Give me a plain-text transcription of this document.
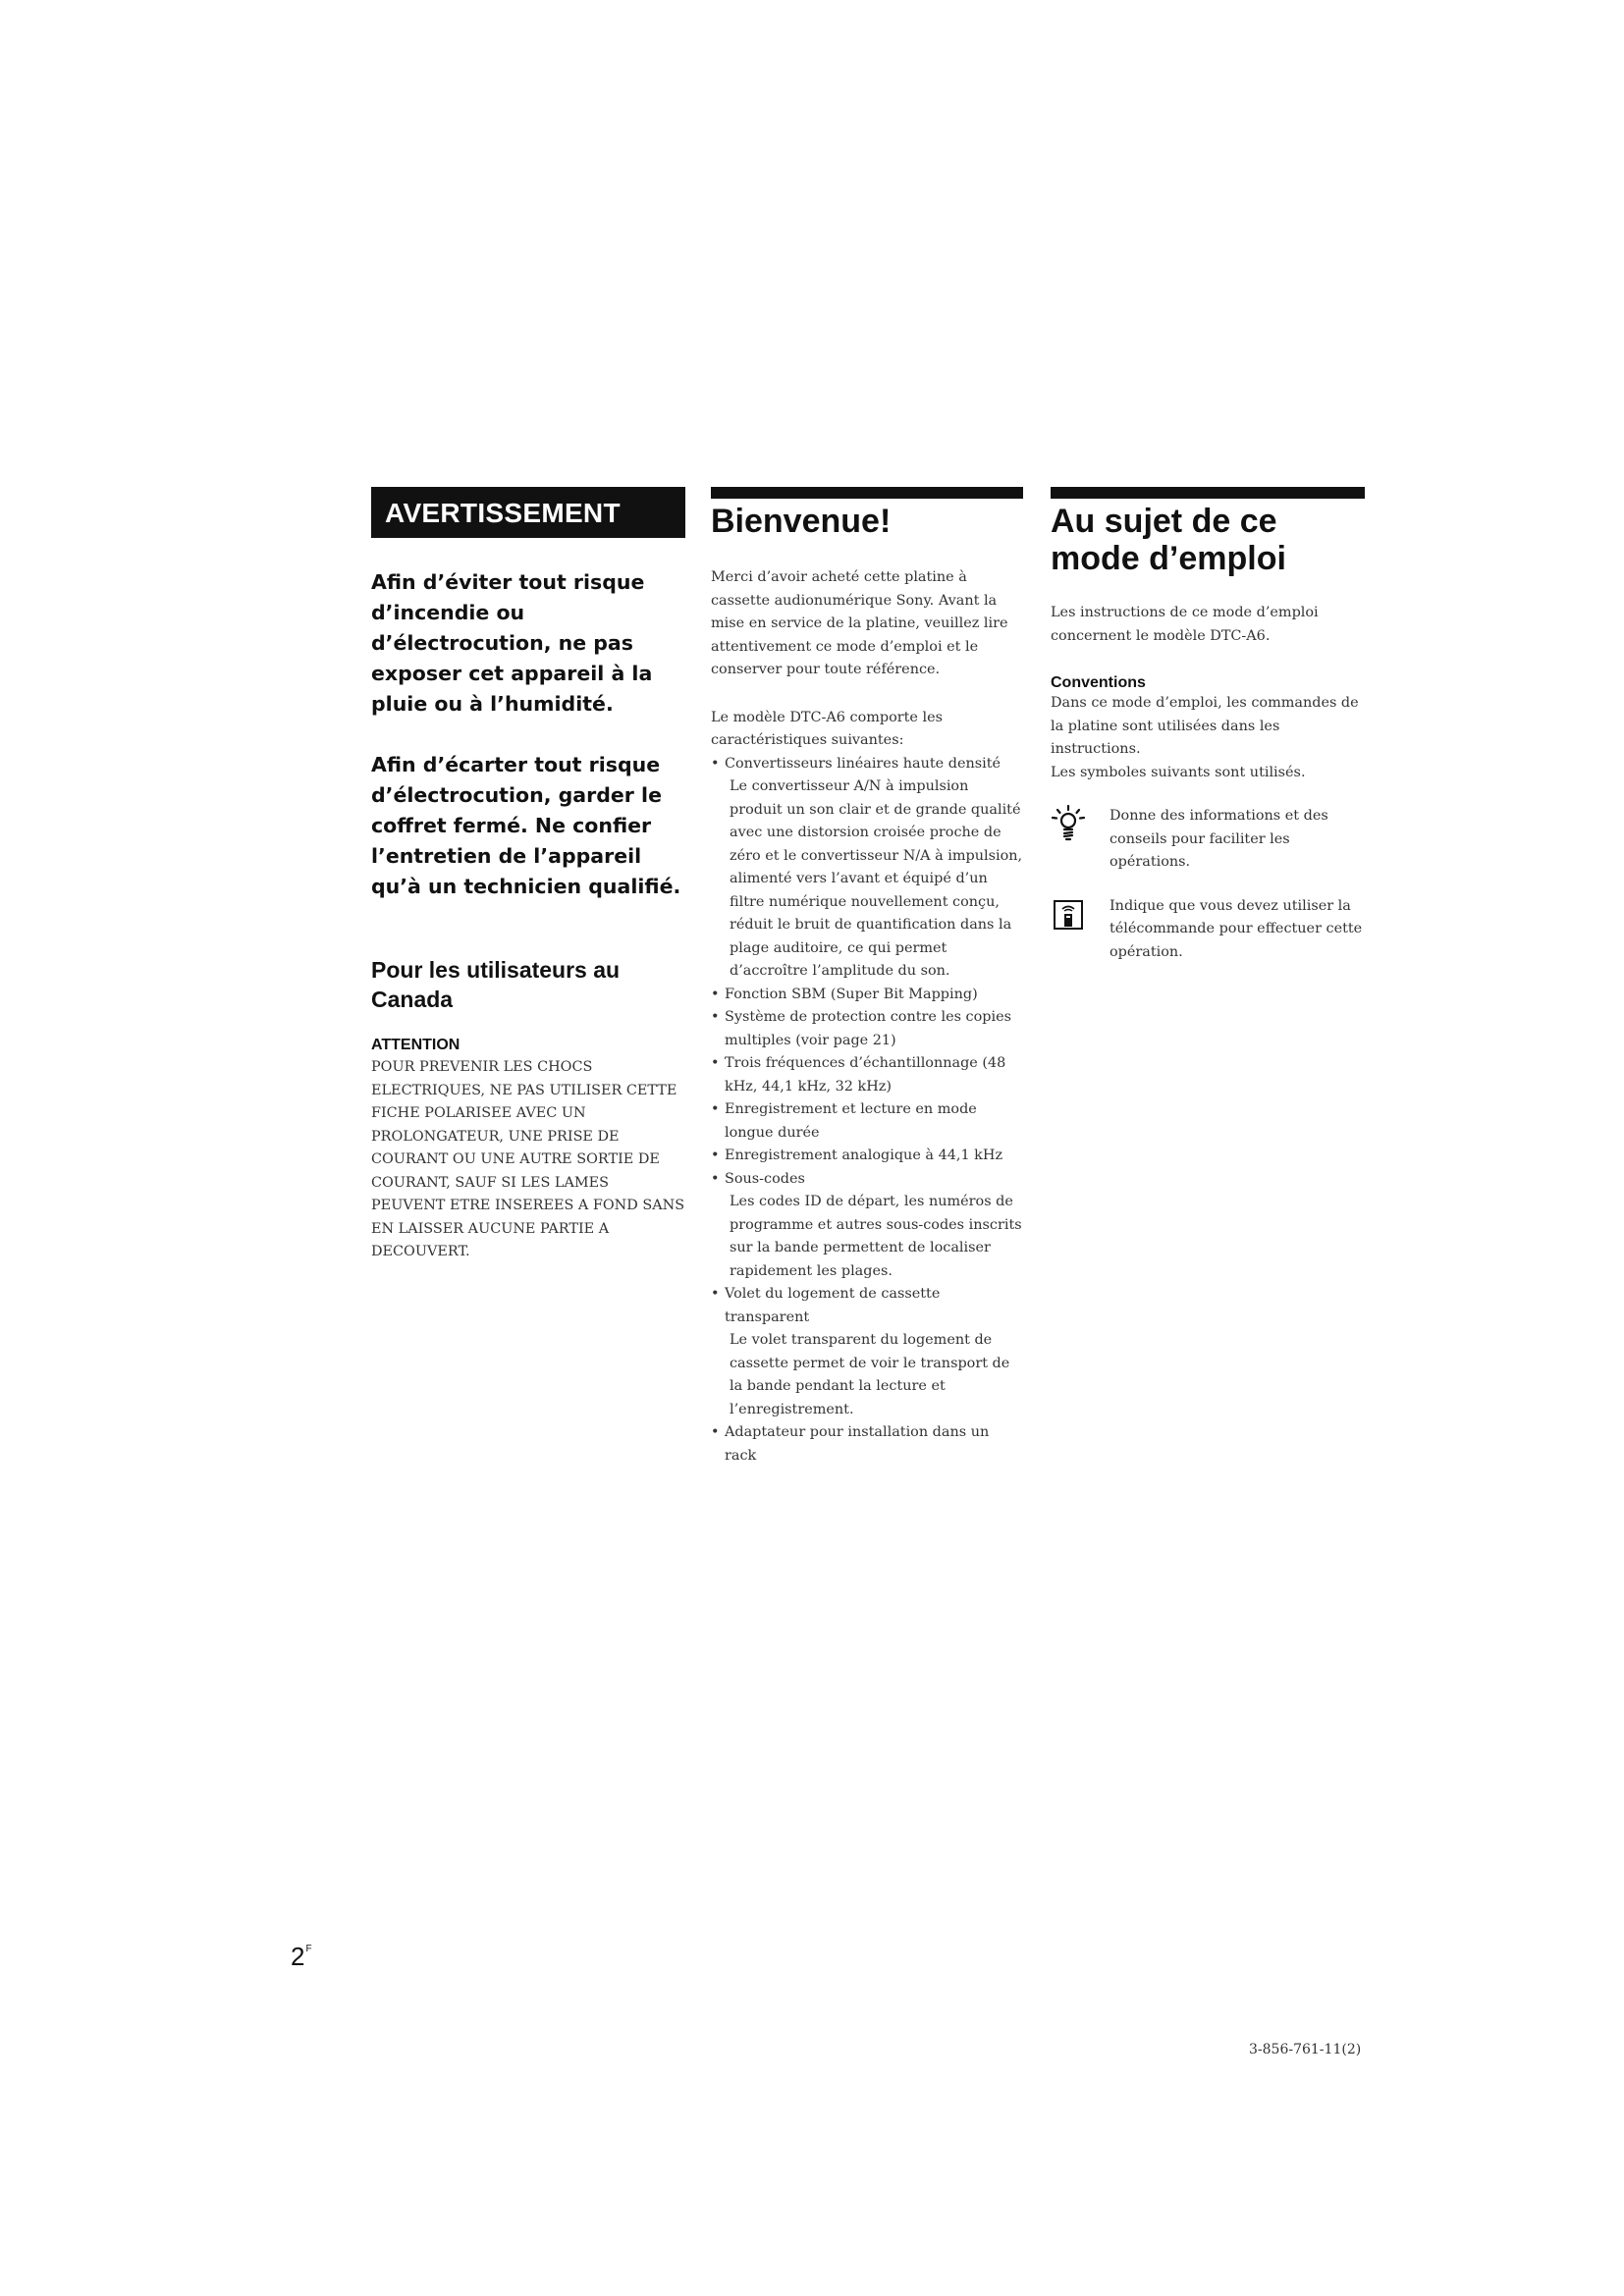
AVERTISSEMENT

Afin d’éviter tout risque d’incendie ou d’électrocution, ne pas exposer cet appareil à la pluie ou à l’humidité.

Afin d’écarter tout risque d’électrocution, garder le coffret fermé. Ne confier l’entretien de l’appareil qu’à un technicien qualifié.

Pour les utilisateurs au Canada
ATTENTION
POUR PREVENIR LES CHOCS ELECTRIQUES, NE PAS UTILISER CETTE FICHE POLARISEE AVEC UN PROLONGATEUR, UNE PRISE DE COURANT OU UNE AUTRE SORTIE DE COURANT, SAUF SI LES LAMES PEUVENT ETRE INSEREES A FOND SANS EN LAISSER AUCUNE PARTIE A DECOUVERT.
Bienvenue!

Merci d’avoir acheté cette platine à cassette audionumérique Sony. Avant la mise en service de la platine, veuillez lire attentivement ce mode d’emploi et le conserver pour toute référence.

Le modèle DTC-A6 comporte les caractéristiques suivantes:

• Convertisseurs linéaires haute densité
Le convertisseur A/N à impulsion produit un son clair et de grande qualité avec une distorsion croisée proche de zéro et le convertisseur N/A à impulsion, alimenté vers l’avant et équipé d’un filtre numérique nouvellement conçu, réduit le bruit de quantification dans la plage auditoire, ce qui permet d’accroître l’amplitude du son.
• Fonction SBM (Super Bit Mapping)
• Système de protection contre les copies multiples (voir page 21)
• Trois fréquences d’échantillonnage (48 kHz, 44,1 kHz, 32 kHz)
• Enregistrement et lecture en mode longue durée
• Enregistrement analogique à 44,1 kHz
• Sous-codes
Les codes ID de départ, les numéros de programme et autres sous-codes inscrits sur la bande permettent de localiser rapidement les plages.
• Volet du logement de cassette transparent
Le volet transparent du logement de cassette permet de voir le transport de la bande pendant la lecture et l’enregistrement.
• Adaptateur pour installation dans un rack
Au sujet de ce mode d’emploi

Les instructions de ce mode d’emploi concernent le modèle DTC-A6.

Conventions

Dans ce mode d’emploi, les commandes de la platine sont utilisées dans les instructions.

Les symboles suivants sont utilisés.

Donne des informations et des conseils pour faciliter les opérations.
Indique que vous devez utiliser la télécommande pour effectuer cette opération.
$2^F$
3-856-761-11(2)
